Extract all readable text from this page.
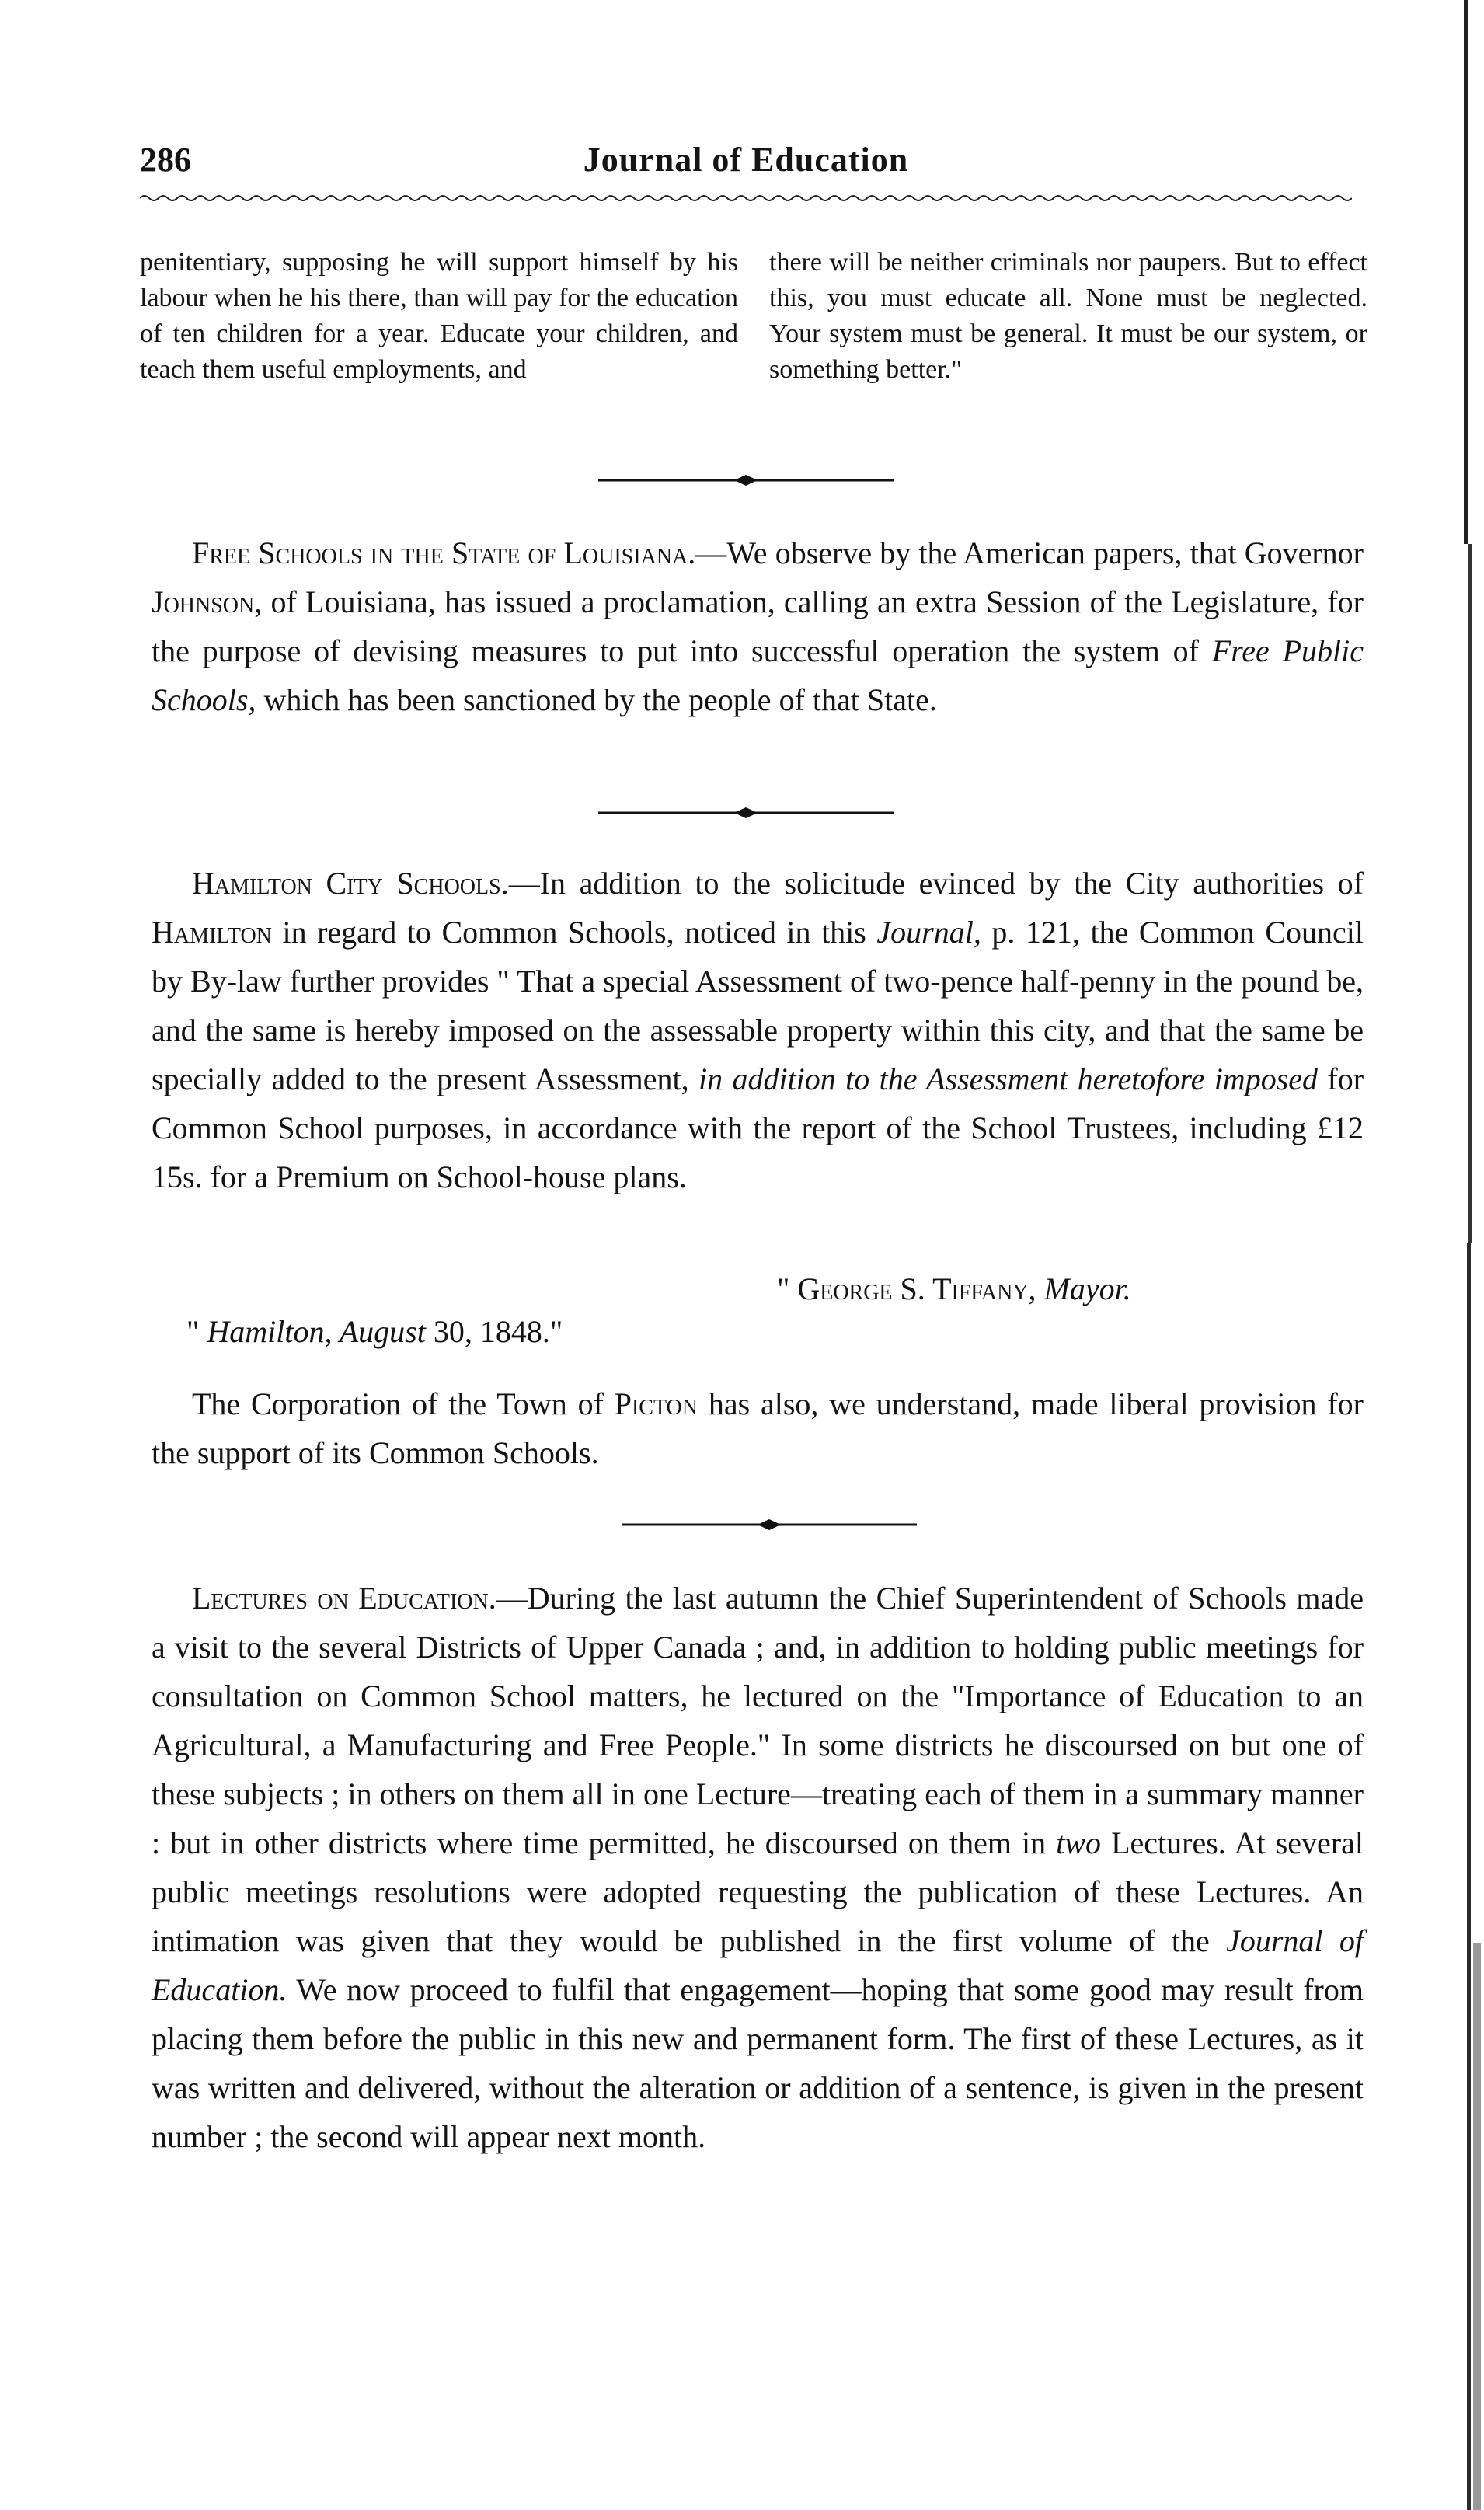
286	Journal of Education

penitentiary, supposing he will support himself by his labour when he his there, than will pay for the education of ten children for a year. Educate your children, and teach them useful employments, and

there will be neither criminals nor paupers. But to effect this, you must educate all. None must be neglected. Your system must be general. It must be our system, or something better."

Free Schools in the State of Louisiana.—We observe by the American papers, that Governor Johnson, of Louisiana, has issued a proclamation, calling an extra Session of the Legislature, for the purpose of devising measures to put into successful operation the system of Free Public Schools, which has been sanctioned by the people of that State.

Hamilton City Schools.—In addition to the solicitude evinced by the City authorities of Hamilton in regard to Common Schools, noticed in this Journal, p. 121, the Common Council by By-law further provides " That a special Assessment of two-pence half-penny in the pound be, and the same is hereby imposed on the assessable property within this city, and that the same be specially added to the present Assessment, in addition to the Assessment heretofore imposed for Common School purposes, in accordance with the report of the School Trustees, including £12 15s. for a Premium on School-house plans.

" George S. Tiffany, Mayor.
" Hamilton, August 30, 1848."

The Corporation of the Town of Picton has also, we understand, made liberal provision for the support of its Common Schools.

Lectures on Education.—During the last autumn the Chief Superintendent of Schools made a visit to the several Districts of Upper Canada ; and, in addition to holding public meetings for consultation on Common School matters, he lectured on the "Importance of Education to an Agricultural, a Manufacturing and Free People." In some districts he discoursed on but one of these subjects ; in others on them all in one Lecture—treating each of them in a summary manner : but in other districts where time permitted, he discoursed on them in two Lectures. At several public meetings resolutions were adopted requesting the publication of these Lectures. An intimation was given that they would be published in the first volume of the Journal of Education. We now proceed to fulfil that engagement—hoping that some good may result from placing them before the public in this new and permanent form. The first of these Lectures, as it was written and delivered, without the alteration or addition of a sentence, is given in the present number ; the second will appear next month.
